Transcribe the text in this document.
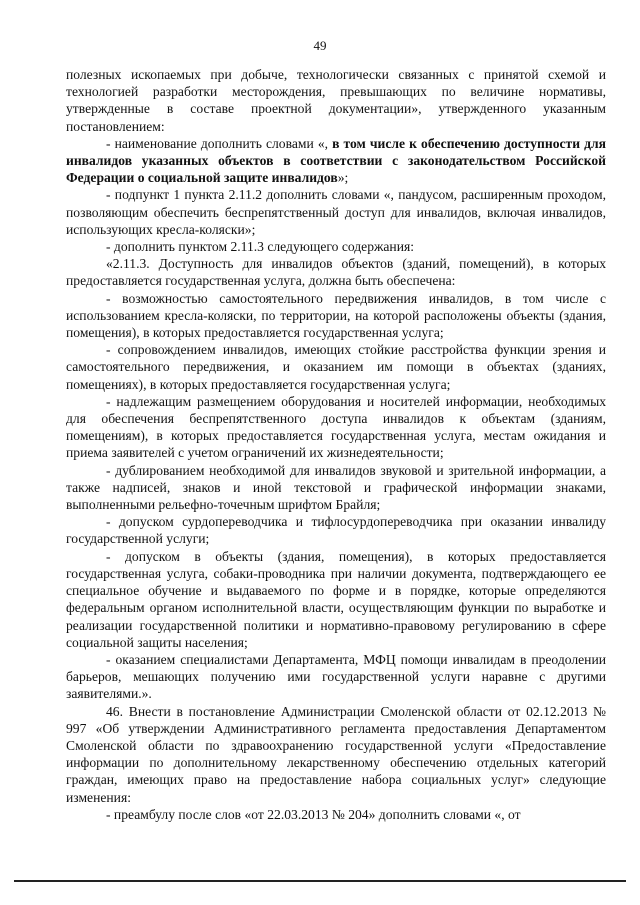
49

полезных ископаемых при добыче, технологически связанных с принятой схемой и технологией разработки месторождения, превышающих по величине нормативы, утвержденные в составе проектной документации», утвержденного указанным постановлением:

- наименование дополнить словами «, в том числе к обеспечению доступности для инвалидов указанных объектов в соответствии с законодательством Российской Федерации о социальной защите инвалидов»;

- подпункт 1 пункта 2.11.2 дополнить словами «, пандусом, расширенным проходом, позволяющим обеспечить беспрепятственный доступ для инвалидов, включая инвалидов, использующих кресла-коляски»;

- дополнить пунктом 2.11.3 следующего содержания:

«2.11.3. Доступность для инвалидов объектов (зданий, помещений), в которых предоставляется государственная услуга, должна быть обеспечена:

- возможностью самостоятельного передвижения инвалидов, в том числе с использованием кресла-коляски, по территории, на которой расположены объекты (здания, помещения), в которых предоставляется государственная услуга;

- сопровождением инвалидов, имеющих стойкие расстройства функции зрения и самостоятельного передвижения, и оказанием им помощи в объектах (зданиях, помещениях), в которых предоставляется государственная услуга;

- надлежащим размещением оборудования и носителей информации, необходимых для обеспечения беспрепятственного доступа инвалидов к объектам (зданиям, помещениям), в которых предоставляется государственная услуга, местам ожидания и приема заявителей с учетом ограничений их жизнедеятельности;

- дублированием необходимой для инвалидов звуковой и зрительной информации, а также надписей, знаков и иной текстовой и графической информации знаками, выполненными рельефно-точечным шрифтом Брайля;

- допуском сурдопереводчика и тифлосурдопереводчика при оказании инвалиду государственной услуги;

- допуском в объекты (здания, помещения), в которых предоставляется государственная услуга, собаки-проводника при наличии документа, подтверждающего ее специальное обучение и выдаваемого по форме и в порядке, которые определяются федеральным органом исполнительной власти, осуществляющим функции по выработке и реализации государственной политики и нормативно-правовому регулированию в сфере социальной защиты населения;

- оказанием специалистами Департамента, МФЦ помощи инвалидам в преодолении барьеров, мешающих получению ими государственной услуги наравне с другими заявителями.».

46. Внести в постановление Администрации Смоленской области от 02.12.2013 № 997 «Об утверждении Административного регламента предоставления Департаментом Смоленской области по здравоохранению государственной услуги «Предоставление информации по дополнительному лекарственному обеспечению отдельных категорий граждан, имеющих право на предоставление набора социальных услуг» следующие изменения:

- преамбулу после слов «от 22.03.2013 № 204» дополнить словами «, от
